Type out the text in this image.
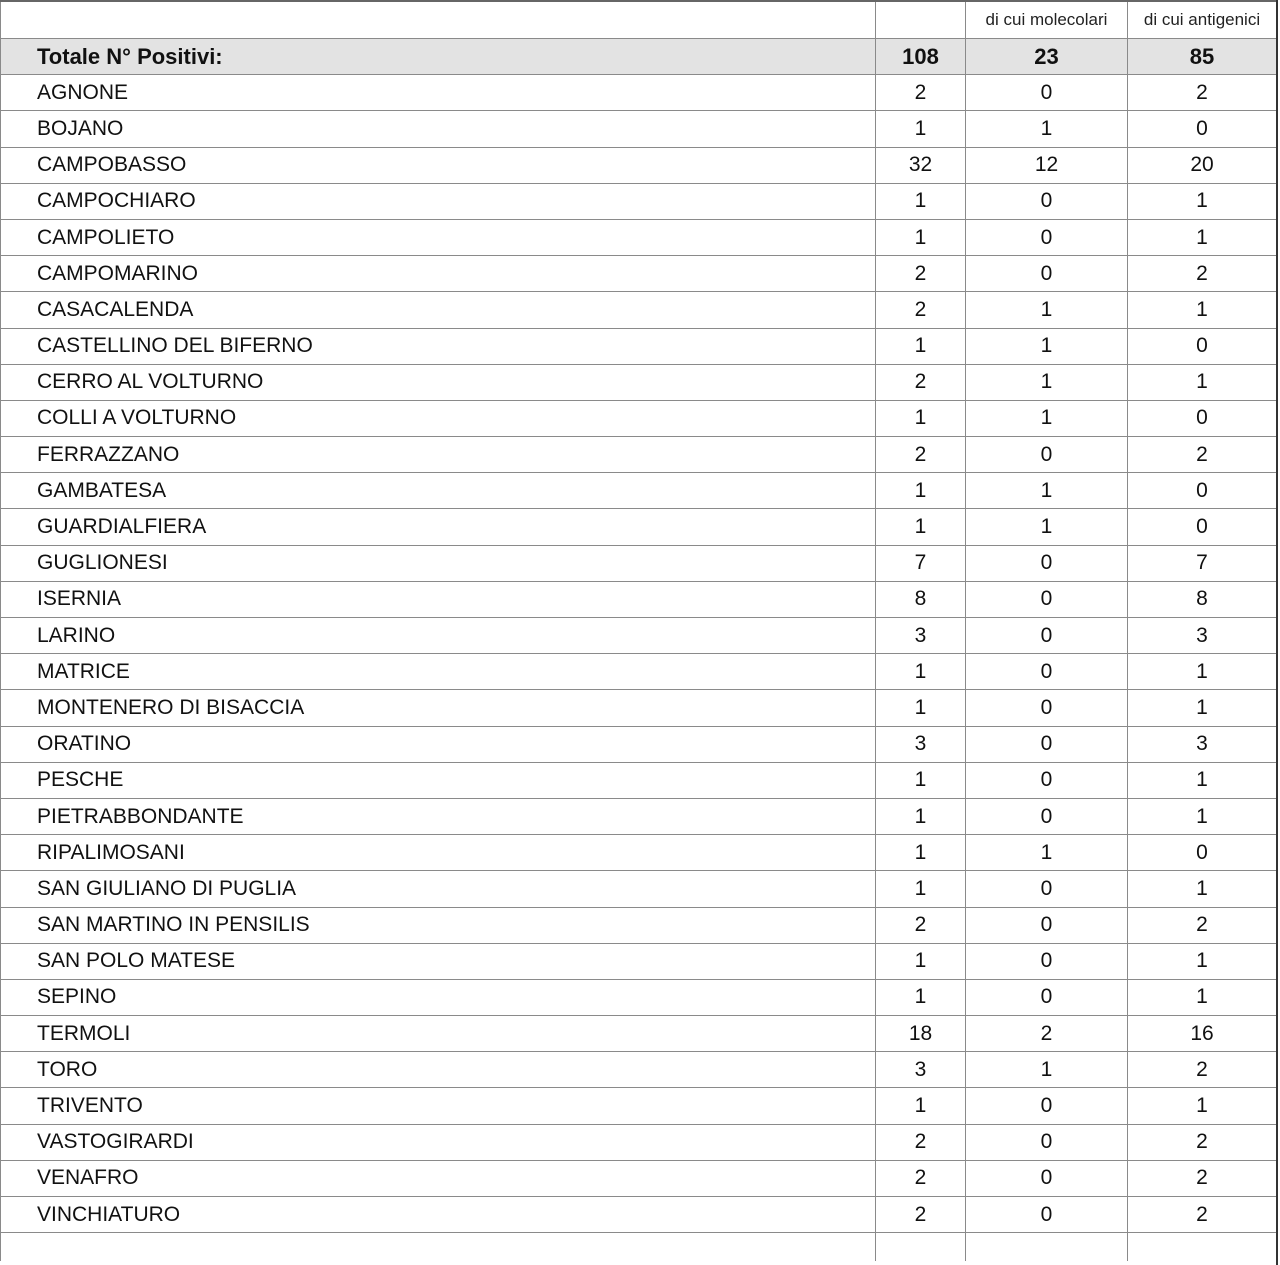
		di cui molecolari	di cui antigenici
Totale N° Positivi:	108	23	85
AGNONE	2	0	2
BOJANO	1	1	0
CAMPOBASSO	32	12	20
CAMPOCHIARO	1	0	1
CAMPOLIETO	1	0	1
CAMPOMARINO	2	0	2
CASACALENDA	2	1	1
CASTELLINO DEL BIFERNO	1	1	0
CERRO AL VOLTURNO	2	1	1
COLLI A VOLTURNO	1	1	0
FERRAZZANO	2	0	2
GAMBATESA	1	1	0
GUARDIALFIERA	1	1	0
GUGLIONESI	7	0	7
ISERNIA	8	0	8
LARINO	3	0	3
MATRICE	1	0	1
MONTENERO DI BISACCIA	1	0	1
ORATINO	3	0	3
PESCHE	1	0	1
PIETRABBONDANTE	1	0	1
RIPALIMOSANI	1	1	0
SAN GIULIANO DI PUGLIA	1	0	1
SAN MARTINO IN PENSILIS	2	0	2
SAN POLO MATESE	1	0	1
SEPINO	1	0	1
TERMOLI	18	2	16
TORO	3	1	2
TRIVENTO	1	0	1
VASTOGIRARDI	2	0	2
VENAFRO	2	0	2
VINCHIATURO	2	0	2
